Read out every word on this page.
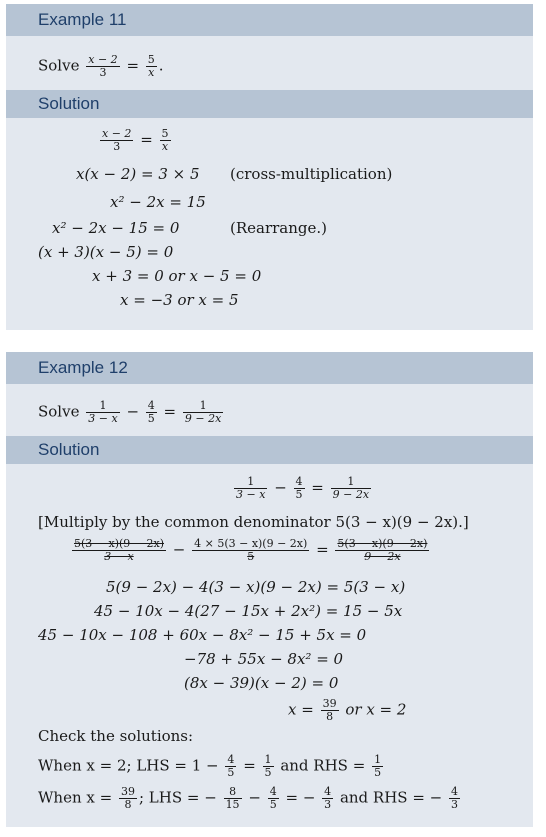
Example 11
Solve $\frac{x - 2}{3} = \frac{5}{x}$ .
Solution
$\frac{x - 2}{3} = \frac{5}{x}$
x(x − 2) = 3 × 5 (cross-multiplication)
x² − 2x = 15
x² − 2x − 15 = 0	(Rearrange.)
(x + 3)(x − 5) = 0
x + 3 = 0 or x − 5 = 0
x = −3 or x = 5
Example 12
Solve $\frac{1}{3 - x} - \frac{4}{5} = \frac{1}{9 - 2x}$
Solution
$\frac{1}{3 - x} - \frac{4}{5} = \frac{1}{9 - 2x}$
[Multiply by the common denominator 5(3 − x)(9 − 2x).]
$\frac{5(3 - x)(9 - 2x)}{3 - x} - \frac{4 \times 5(3 - x)(9 - 2x)}{5} = \frac{5(3 - x)(9 - 2x)}{9 - 2x}$
5(9 − 2x) − 4(3 − x)(9 − 2x) = 5(3 − x)
45 − 10x − 4(27 − 15x + 2x²) = 15 − 5x
45 − 10x − 108 + 60x − 8x² − 15 + 5x = 0
−78 + 55x − 8x² = 0
(8x − 39)(x − 2) = 0
$x = \frac{39}{8}$ or x = 2
Check the solutions:
When x = 2; LHS = $1 - \frac{4}{5} = \frac{1}{5}$ and RHS = $\frac{1}{5}$
When $x = \frac{39}{8}$ ; LHS = − $\frac{8}{15} - \frac{4}{5}$ = − $\frac{4}{3}$ and RHS = − $\frac{4}{3}$
